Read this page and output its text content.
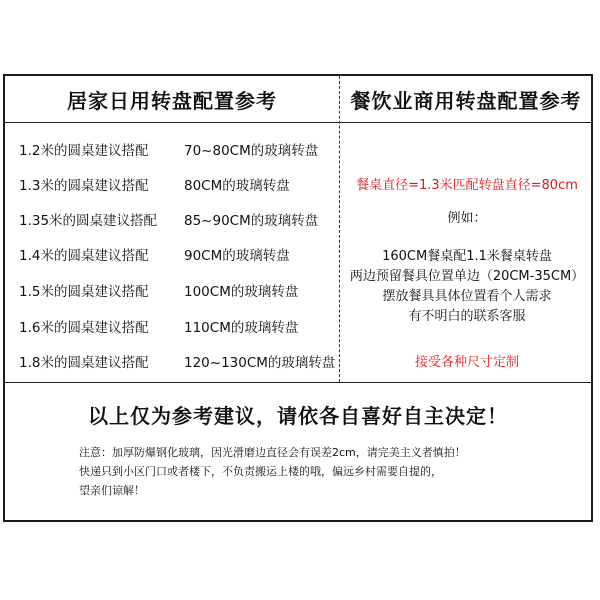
居家日用转盘配置参考	餐饮业商用转盘配置参考
1.2米的圆桌建议搭配	70~80CM的玻璃转盘
1.3米的圆桌建议搭配	80CM的玻璃转盘
1.35米的圆桌建议搭配 85~90CM的玻璃转盘
1.4米的圆桌建议搭配	90CM的玻璃转盘
1.5米的圆桌建议搭配	100CM的玻璃转盘
1.6米的圆桌建议搭配	110CM的玻璃转盘
1.8米的圆桌建议搭配	120~130CM的玻璃转盘
餐桌直径=1.3米匹配转盘直径=80cm
例如：
160CM餐桌配1.1米餐桌转盘
两边预留餐具位置单边（20CM-35CM）
摆放餐具具体位置看个人需求
有不明白的联系客服
接受各种尺寸定制
以上仅为参考建议，请依各自喜好自主决定！
注意：加厚防爆钢化玻璃，因光滑磨边直径会有误差2cm，请完美主义者慎拍！
快递只到小区门口或者楼下，不负责搬运上楼的哦，偏远乡村需要自提的，
望亲们谅解！
